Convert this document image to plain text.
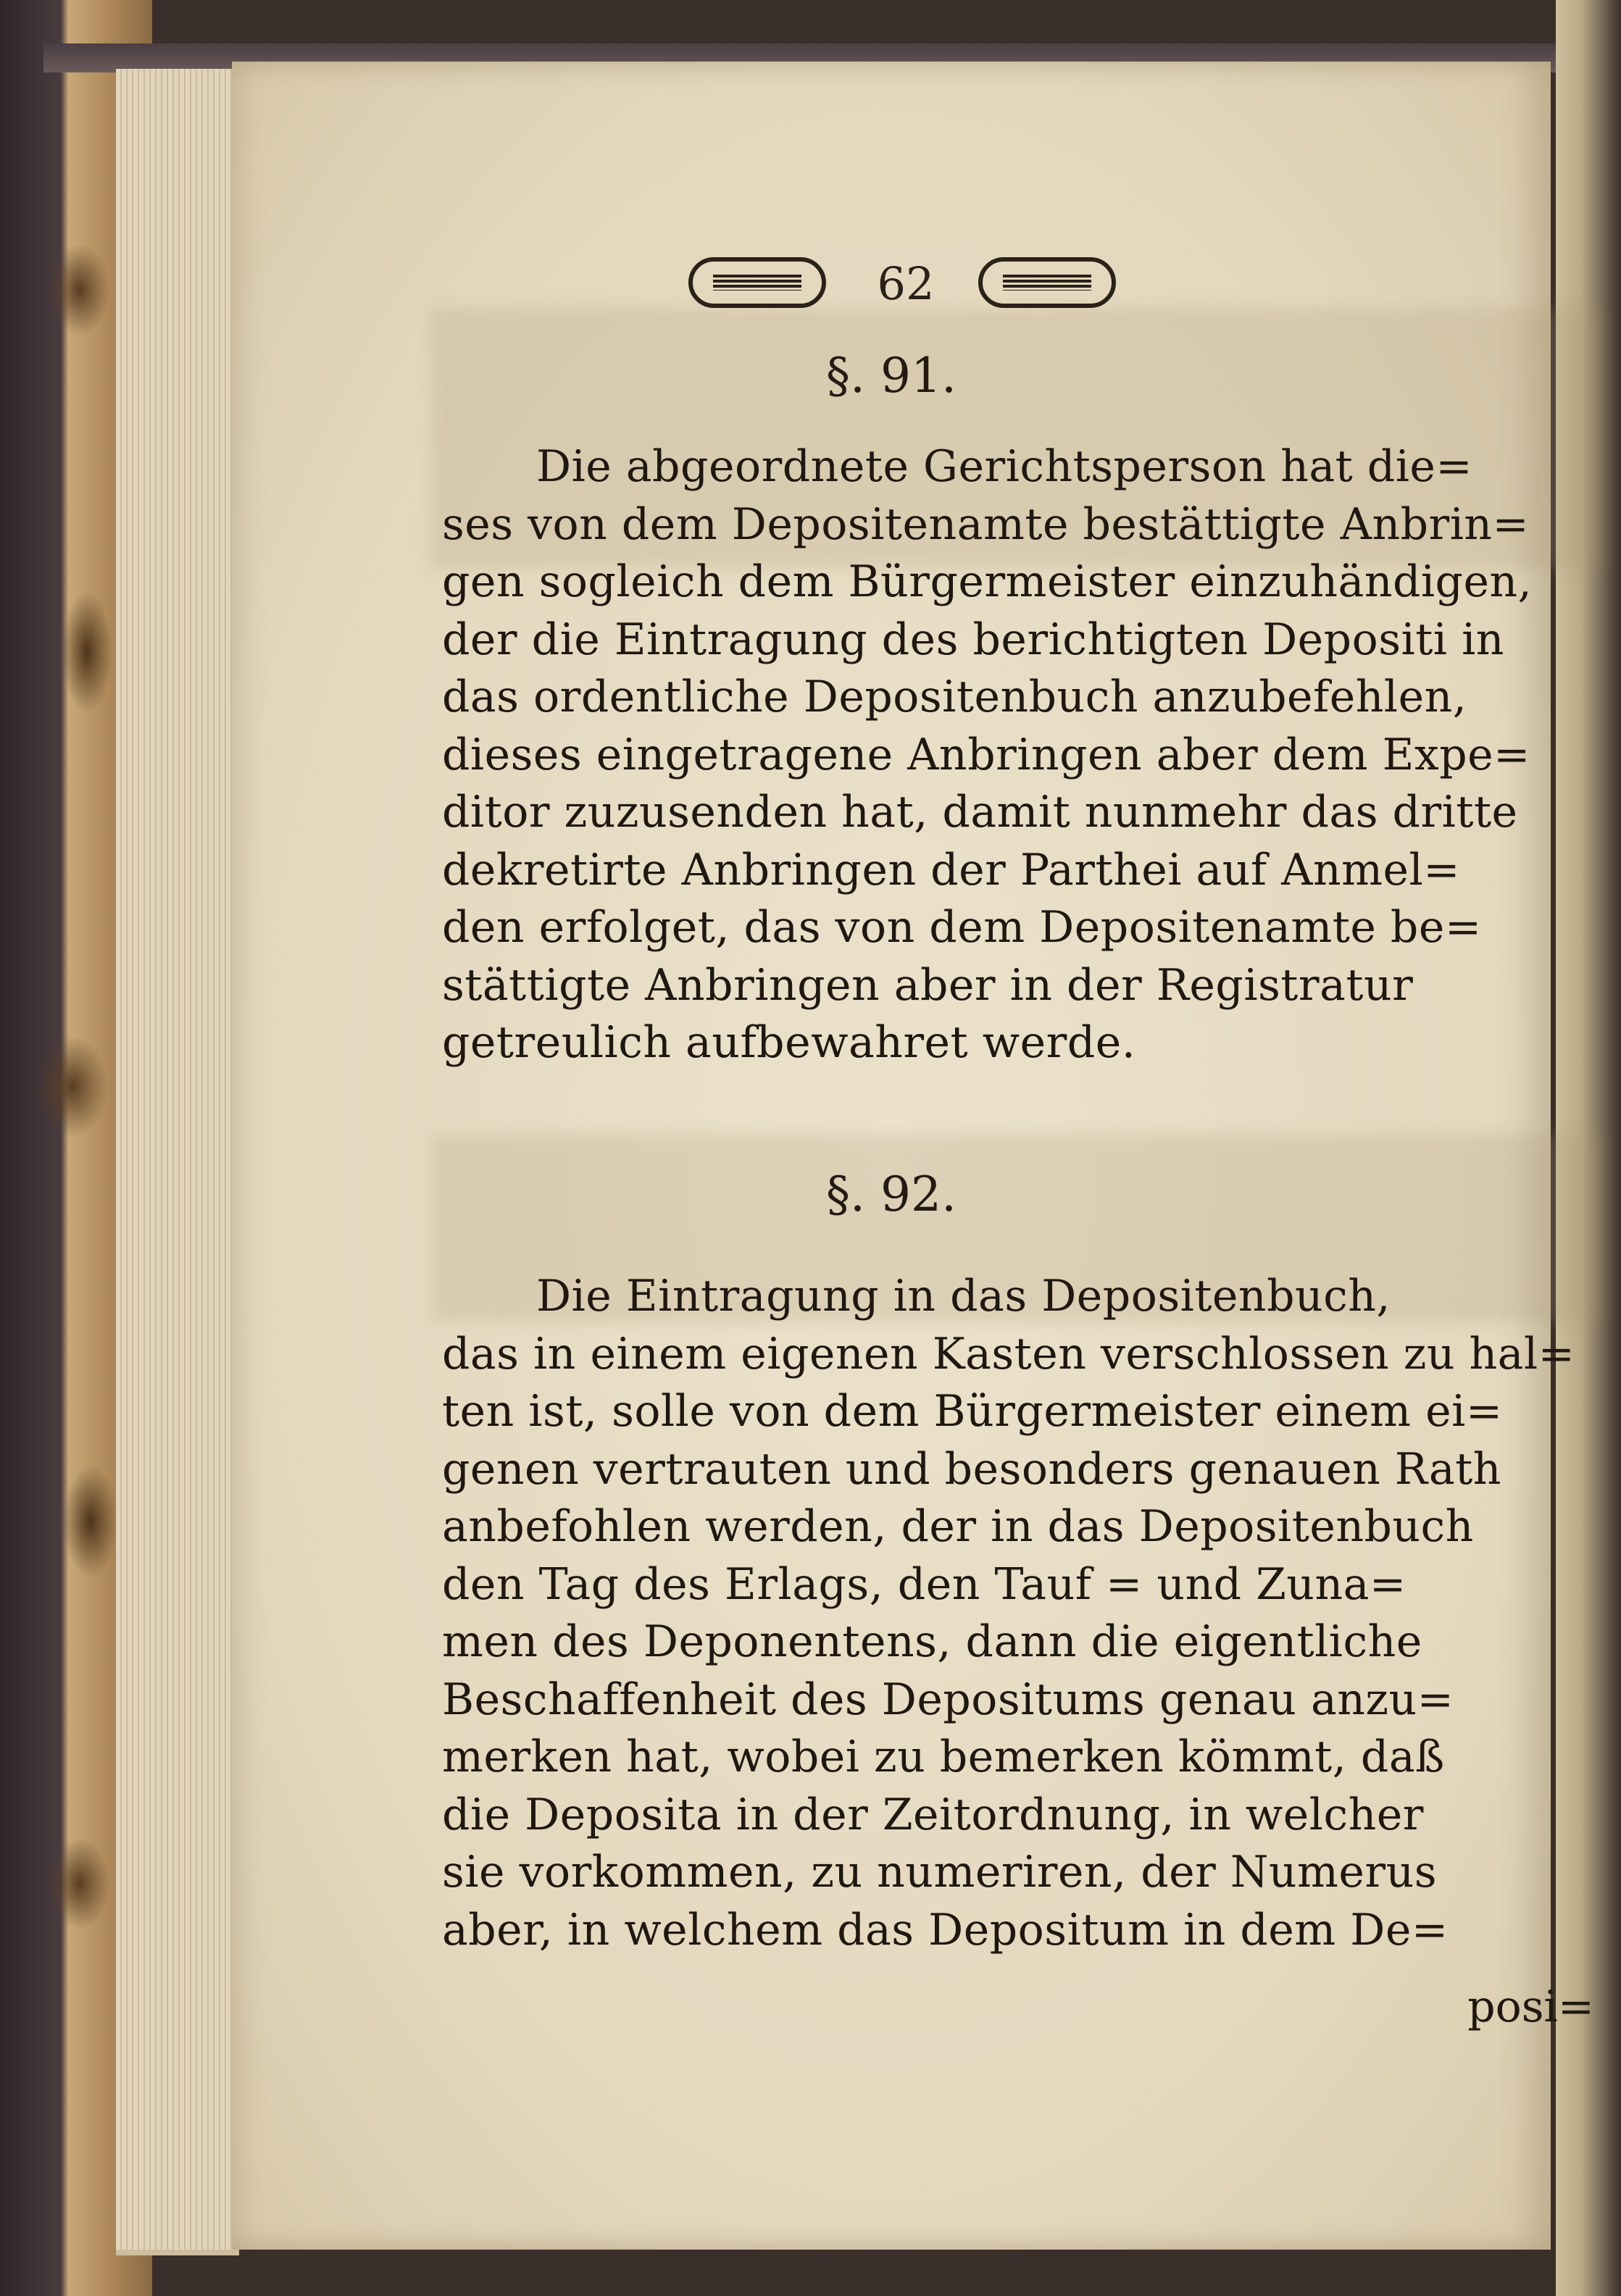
62
§. 91.
Die abgeordnete Gerichtsperson hat die=
ses von dem Depositenamte bestättigte Anbrin=
gen sogleich dem Bürgermeister einzuhändigen,
der die Eintragung des berichtigten Depositi in
das ordentliche Depositenbuch anzubefehlen,
dieses eingetragene Anbringen aber dem Expe=
ditor zuzusenden hat, damit nunmehr das dritte
dekretirte Anbringen der Parthei auf Anmel=
den erfolget, das von dem Depositenamte be=
stättigte Anbringen aber in der Registratur
getreulich aufbewahret werde.
§. 92.
Die Eintragung in das Depositenbuch,
das in einem eigenen Kasten verschlossen zu hal=
ten ist, solle von dem Bürgermeister einem ei=
genen vertrauten und besonders genauen Rath
anbefohlen werden, der in das Depositenbuch
den Tag des Erlags, den Tauf = und Zuna=
men des Deponentens, dann die eigentliche
Beschaffenheit des Depositums genau anzu=
merken hat, wobei zu bemerken kömmt, daß
die Deposita in der Zeitordnung, in welcher
sie vorkommen, zu numeriren, der Numerus
aber, in welchem das Depositum in dem De=
posi=
